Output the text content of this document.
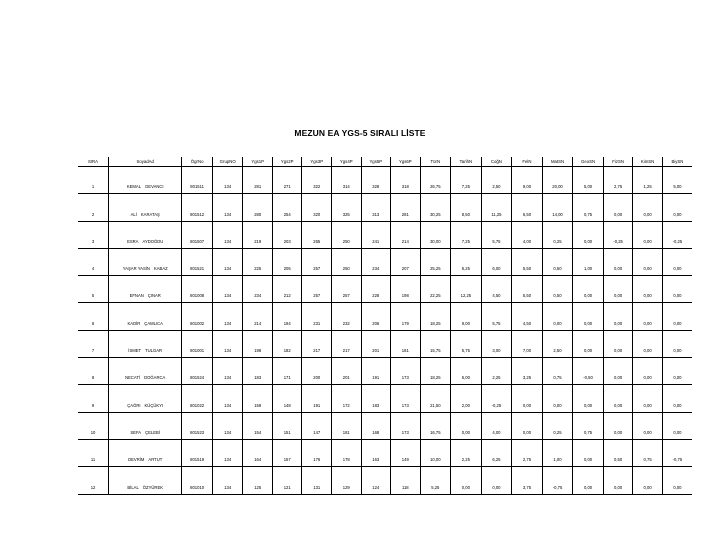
MEZUN EA YGS-5 SIRALI LİSTE
SIRA	SoyadAd	ÖgrNo	GrupNO	Ygs1P	Ygs2P	Ygs3P	Ygs4P	Ygs5P	Ygs6P	TürN	TarihN	CoğN	FelN	MatSN	GeoSN	FizSN	KimSN	BiySN
1	KEMAL GEVANCI	801511	134	281	271	322	314	328	318	26,75	7,25	2,50	9,00	20,00	5,00	2,75	1,25	5,00
2	ALİ KARATAŞ	801512	134	280	254	320	325	313	281	30,25	8,50	11,25	6,50	14,00	0,75	0,00	0,00	0,00
3	ESRA AYDOĞDU	801507	134	219	203	265	250	241	214	30,00	7,25	5,75	4,00	0,25	0,00	-0,25	0,00	-0,25
4	YAŞAR YASİN KABAZ	801521	134	225	205	257	250	234	207	25,25	6,25	6,00	5,50	0,50	1,00	0,00	0,00	0,00
5	EFNAN ÇINAR	801008	134	234	212	257	257	228	198	22,25	12,25	4,50	5,50	0,50	0,00	0,00	0,00	0,00
6	KADİR ÇAMLICA	801002	134	214	194	231	232	206	179	18,25	9,00	5,75	4,50	0,00	0,00	0,00	0,00	0,00
7	İSMET TULGAR	801001	134	198	182	217	217	201	181	15,75	5,75	3,00	7,00	2,50	0,00	0,00	0,00	0,00
8	NECATİ DOĞARCA	801524	134	183	171	200	201	191	173	18,25	6,00	2,25	3,25	0,75	-0,50	0,00	0,00	0,00
9	ÇAĞRI KÜÇÜKYI	801022	134	159	148	191	172	183	173	21,50	2,00	-0,25	0,00	0,00	0,00	0,00	0,00	0,00
10	SEFA ÇELEBİ	801523	134	154	151	147	181	168	173	16,75	0,00	4,00	0,00	0,25	0,75	0,00	0,00	0,00
11	DEVRİM ARTUT	801519	134	164	157	176	178	163	149	10,00	2,25	6,25	2,75	1,00	0,00	0,50	0,75	-0,75
12	BİLAL ÖZYÜREK	801010	134	125	121	131	129	124	118	5,25	0,00	0,00	3,75	-0,75	0,00	0,00	0,00	0,00
